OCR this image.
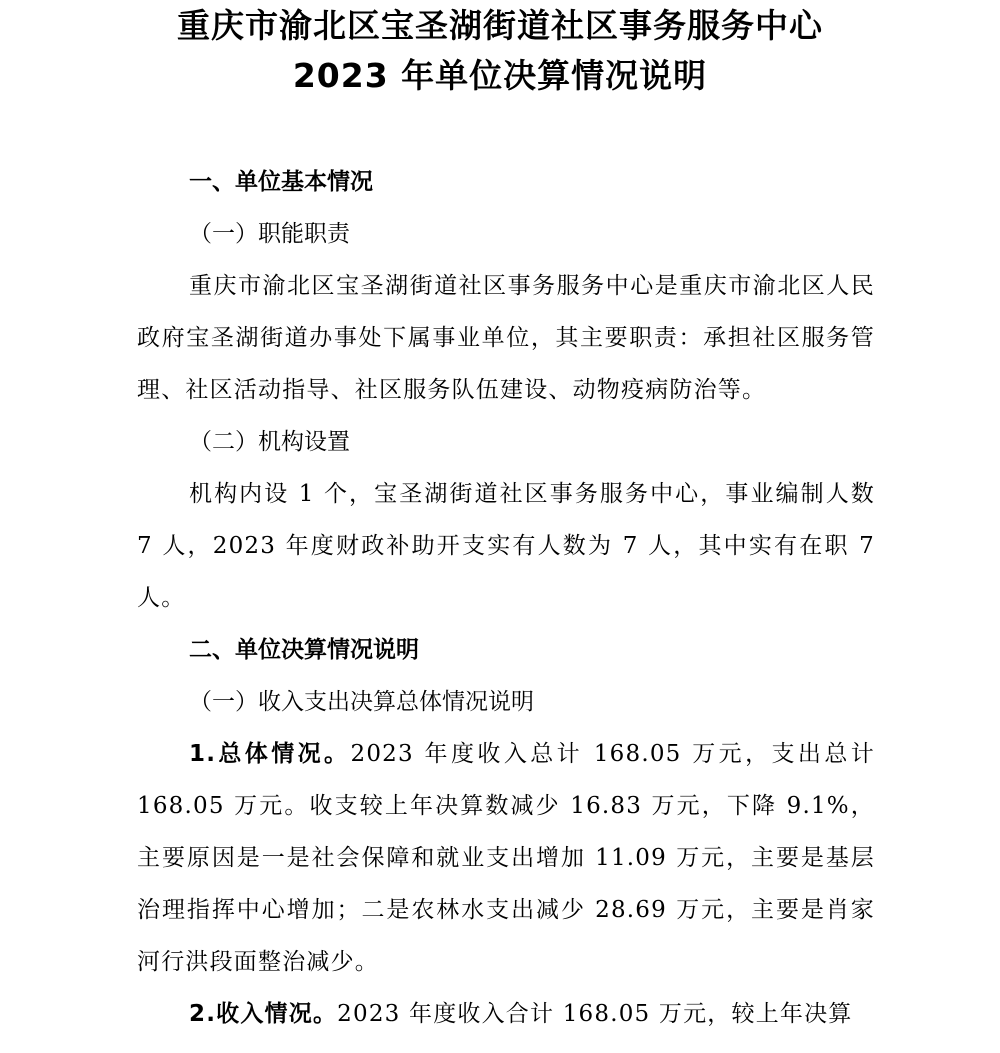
重庆市渝北区宝圣湖街道社区事务服务中心
2023 年单位决算情况说明
一、单位基本情况
（一）职能职责

重庆市渝北区宝圣湖街道社区事务服务中心是重庆市渝北区人民政府宝圣湖街道办事处下属事业单位，其主要职责：承担社区服务管理、社区活动指导、社区服务队伍建设、动物疫病防治等。

（二）机构设置

机构内设 1 个，宝圣湖街道社区事务服务中心，事业编制人数 7 人，2023 年度财政补助开支实有人数为 7 人，其中实有在职 7 人。

二、单位决算情况说明
（一）收入支出决算总体情况说明

1.总体情况。2023 年度收入总计 168.05 万元，支出总计 168.05 万元。收支较上年决算数减少 16.83 万元，下降 9.1%，主要原因是一是社会保障和就业支出增加 11.09 万元，主要是基层治理指挥中心增加；二是农林水支出减少 28.69 万元，主要是肖家河行洪段面整治减少。

2.收入情况。2023 年度收入合计 168.05 万元，较上年决算
